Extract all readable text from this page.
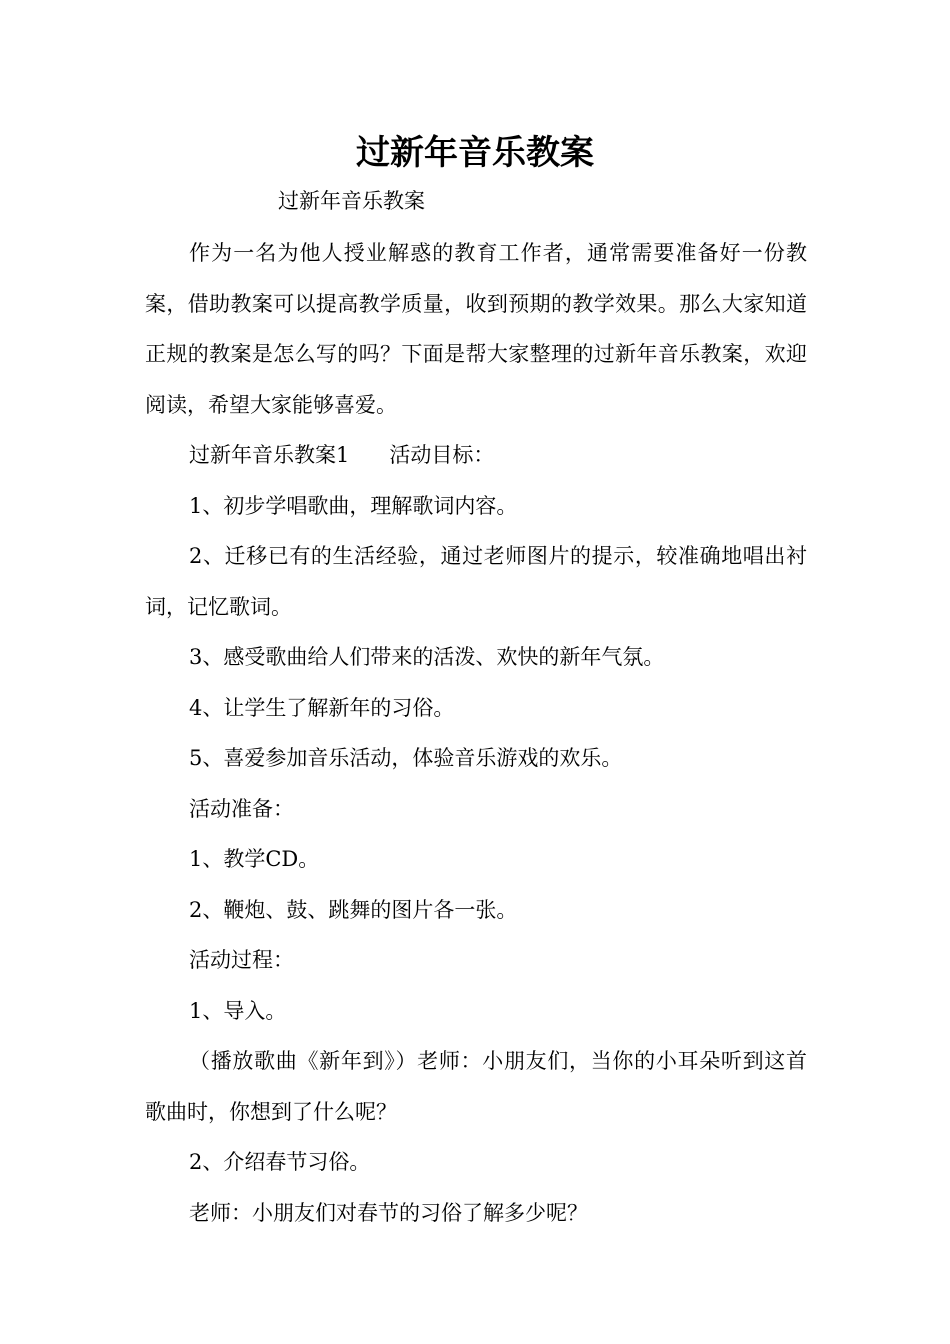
过新年音乐教案

过新年音乐教案

作为一名为他人授业解惑的教育工作者，通常需要准备好一份教案，借助教案可以提高教学质量，收到预期的教学效果。那么大家知道正规的教案是怎么写的吗？下面是帮大家整理的过新年音乐教案，欢迎阅读，希望大家能够喜爱。

过新年音乐教案1 活动目标：

1、初步学唱歌曲，理解歌词内容。

2、迁移已有的生活经验，通过老师图片的提示，较准确地唱出衬词，记忆歌词。

3、感受歌曲给人们带来的活泼、欢快的新年气氛。

4、让学生了解新年的习俗。

5、喜爱参加音乐活动，体验音乐游戏的欢乐。

活动准备：

1、教学CD。

2、鞭炮、鼓、跳舞的图片各一张。

活动过程：

1、导入。

（播放歌曲《新年到》）老师：小朋友们，当你的小耳朵听到这首歌曲时，你想到了什么呢？

2、介绍春节习俗。

老师：小朋友们对春节的习俗了解多少呢？
